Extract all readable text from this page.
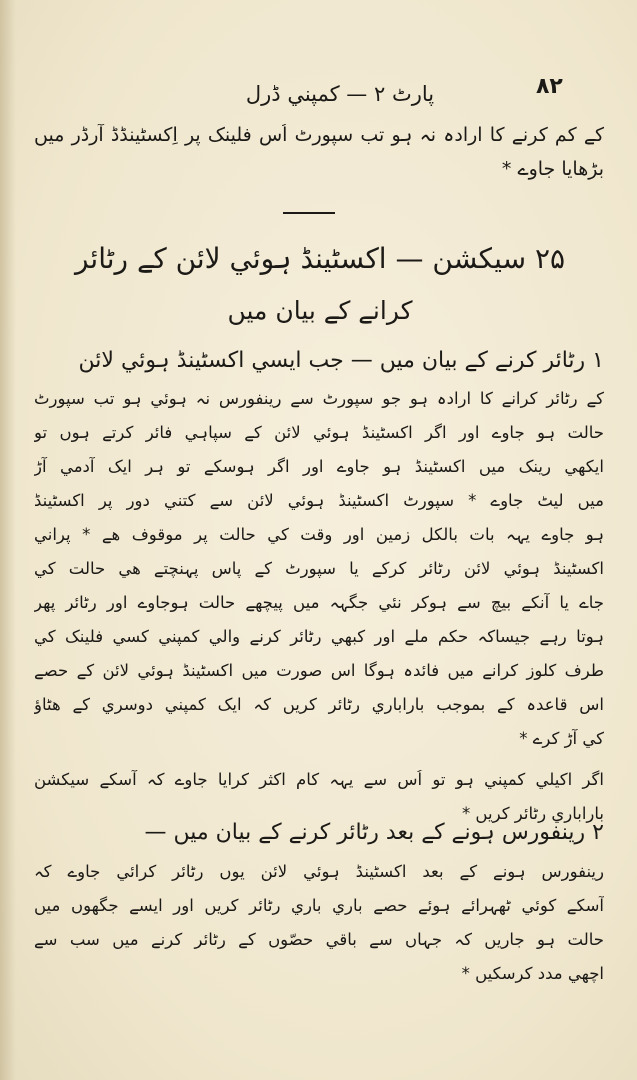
۸۲
پارٹ ۲ — کمپني ڈرل
کے کم کرنے کا ارادہ نہ ہو تب سپورٹ اُس فلینک پر اِکسٹینڈڈ آرڈر میں
بڑھایا جاوے *
۲۵ سیکشن — اکسٹینڈ ہوئي لائن کے رٹائر
کرانے کے بیان میں
۱ رٹائر کرنے کے بیان میں — جب ایسي اکسٹینڈ ہوئي لائن
کے رٹائر کرانے کا ارادہ ہو جو سپورٹ سے رینفورس نہ ہوئي ہو تب سپورٹ
حالت ہو جاوے اور اگر اکسٹینڈ ہوئي لائن کے سپاہي فائر کرتے ہوں تو
ایکھي رینک میں اکسٹینڈ ہو جاوے اور اگر ہوسکے تو ہر ایک آدمي آڑ
میں لیٹ جاوے * سپورٹ اکسٹینڈ ہوئي لائن سے کتني دور پر اکسٹینڈ
ہو جاوے یہہ بات بالکل زمین اور وقت کي حالت پر موقوف ھے * پراني
اکسٹینڈ ہوئي لائن رٹائر کرکے یا سپورٹ کے پاس پہنچتے ھي حالت کي
جاے یا آنکے بیچ سے ہوکر نئي جگہہ میں پیچھے حالت ہوجاوے اور رٹائر پھر
ہوتا رہے جیساکہ حکم ملے اور کبھي رٹائر کرنے والي کمپني کسي فلینک کي
طرف کلوز کرانے میں فائدہ ہوگا اس صورت میں اکسٹینڈ ہوئي لائن کے حصے
اس قاعدہ کے بموجب باراباري رٹائر کریں کہ ایک کمپني دوسري کے ھٹاؤ
کي آڑ کرے *
اگر اکیلي کمپني ہو تو اُس سے یہہ کام اکثر کرایا جاوے کہ آسکے سیکشن
باراباري رٹائر کریں *
۲ رینفورس ہونے کے بعد رٹائر کرنے کے بیان میں —
رینفورس ہونے کے بعد اکسٹینڈ ہوئي لائن یوں رٹائر کرائي جاوے کہ
آسکے کوئي ٹھہرائے ہوئے حصے باري باري رٹائر کریں اور ایسے جگھوں میں
حالت ہو جاریں کہ جہاں سے باقي حصّوں کے رٹائر کرنے میں سب سے
اچھي مدد کرسکیں *
